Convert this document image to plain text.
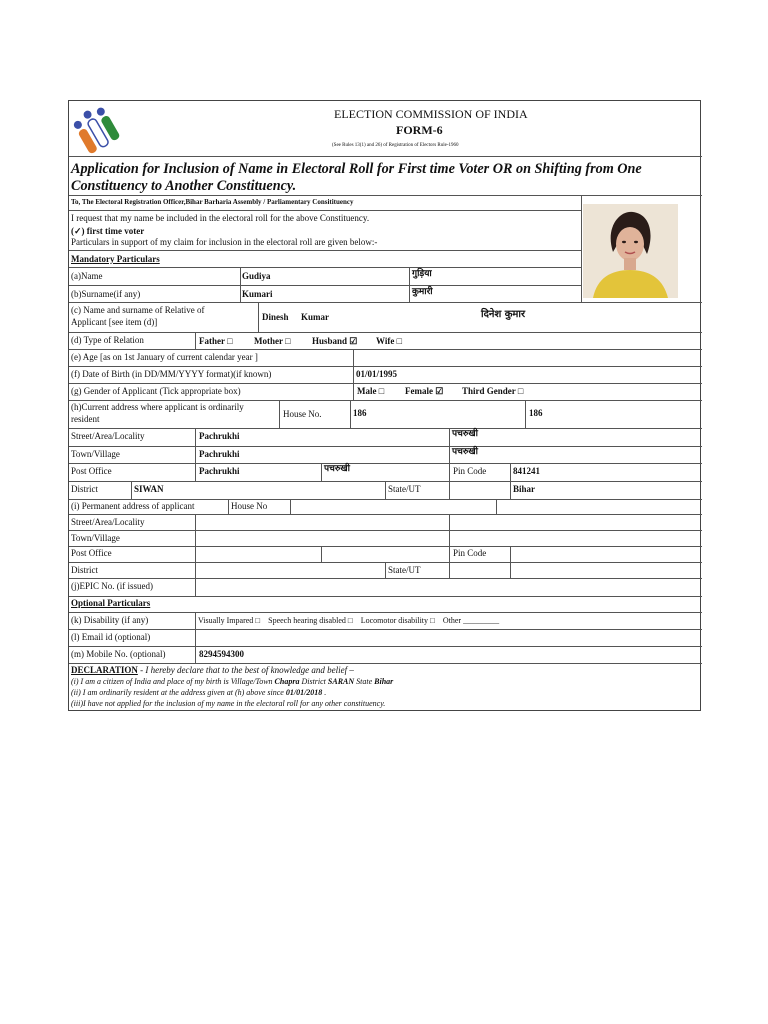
ELECTION COMMISSION OF INDIA
FORM-6
(See Rules 13(1) and 26) of Registration of Electors Rule-1960
Application for Inclusion of Name in Electoral Roll for First time Voter OR on Shifting from One
Constituency to Another Constituency.
To, The Electoral Registration Officer,Bihar Barharia Assembly / Parliamentary Consitituency
I request that my name be included in the electoral roll for the above Constituency.
(✓) first time voter
Particulars in support of my claim for inclusion in the electoral roll are given below:-
Mandatory Particulars
(a)Name	Gudiya	गुड़िया
(b)Surname(if any)	Kumari	कुमारी
(c) Name and surname of Relative of
Applicant [see item (d)]	Dinesh Kumar	दिनेश कुमार
(d) Type of Relation	Father □ Mother □ Husband ☑ Wife □
(e) Age [as on 1st January of current calendar year ]
(f) Date of Birth (in DD/MM/YYYY format)(if known)	01/01/1995
(g) Gender of Applicant (Tick appropriate box)	Male □ Female ☑ Third Gender □
(h)Current address where applicant is ordinarily
resident	House No.	186	186
Street/Area/Locality	Pachrukhi	पचरुखी
Town/Village	Pachrukhi	पचरुखी
Post Office	Pachrukhi	पचरुखी	Pin Code	841241
District	SIWAN	State/UT	Bihar
(i) Permanent address of applicant	House No
Street/Area/Locality
Town/Village
Post Office	Pin Code
District	State/UT
(j)EPIC No. (if issued)
Optional Particulars
(k) Disability (if any)	Visually Impared □    Speech hearing disabled □    Locomotor disability □    Other _________
(l) Email id (optional)
(m) Mobile No. (optional)	8294594300
DECLARATION - I hereby declare that to the best of knowledge and belief –
(i) I am a citizen of India and place of my birth is Village/Town Chapra District SARAN State Bihar
(ii) I am ordinarily resident at the address given at (h) above since 01/01/2018 .
(iii)I have not applied for the inclusion of my name in the electoral roll for any other constituency.
